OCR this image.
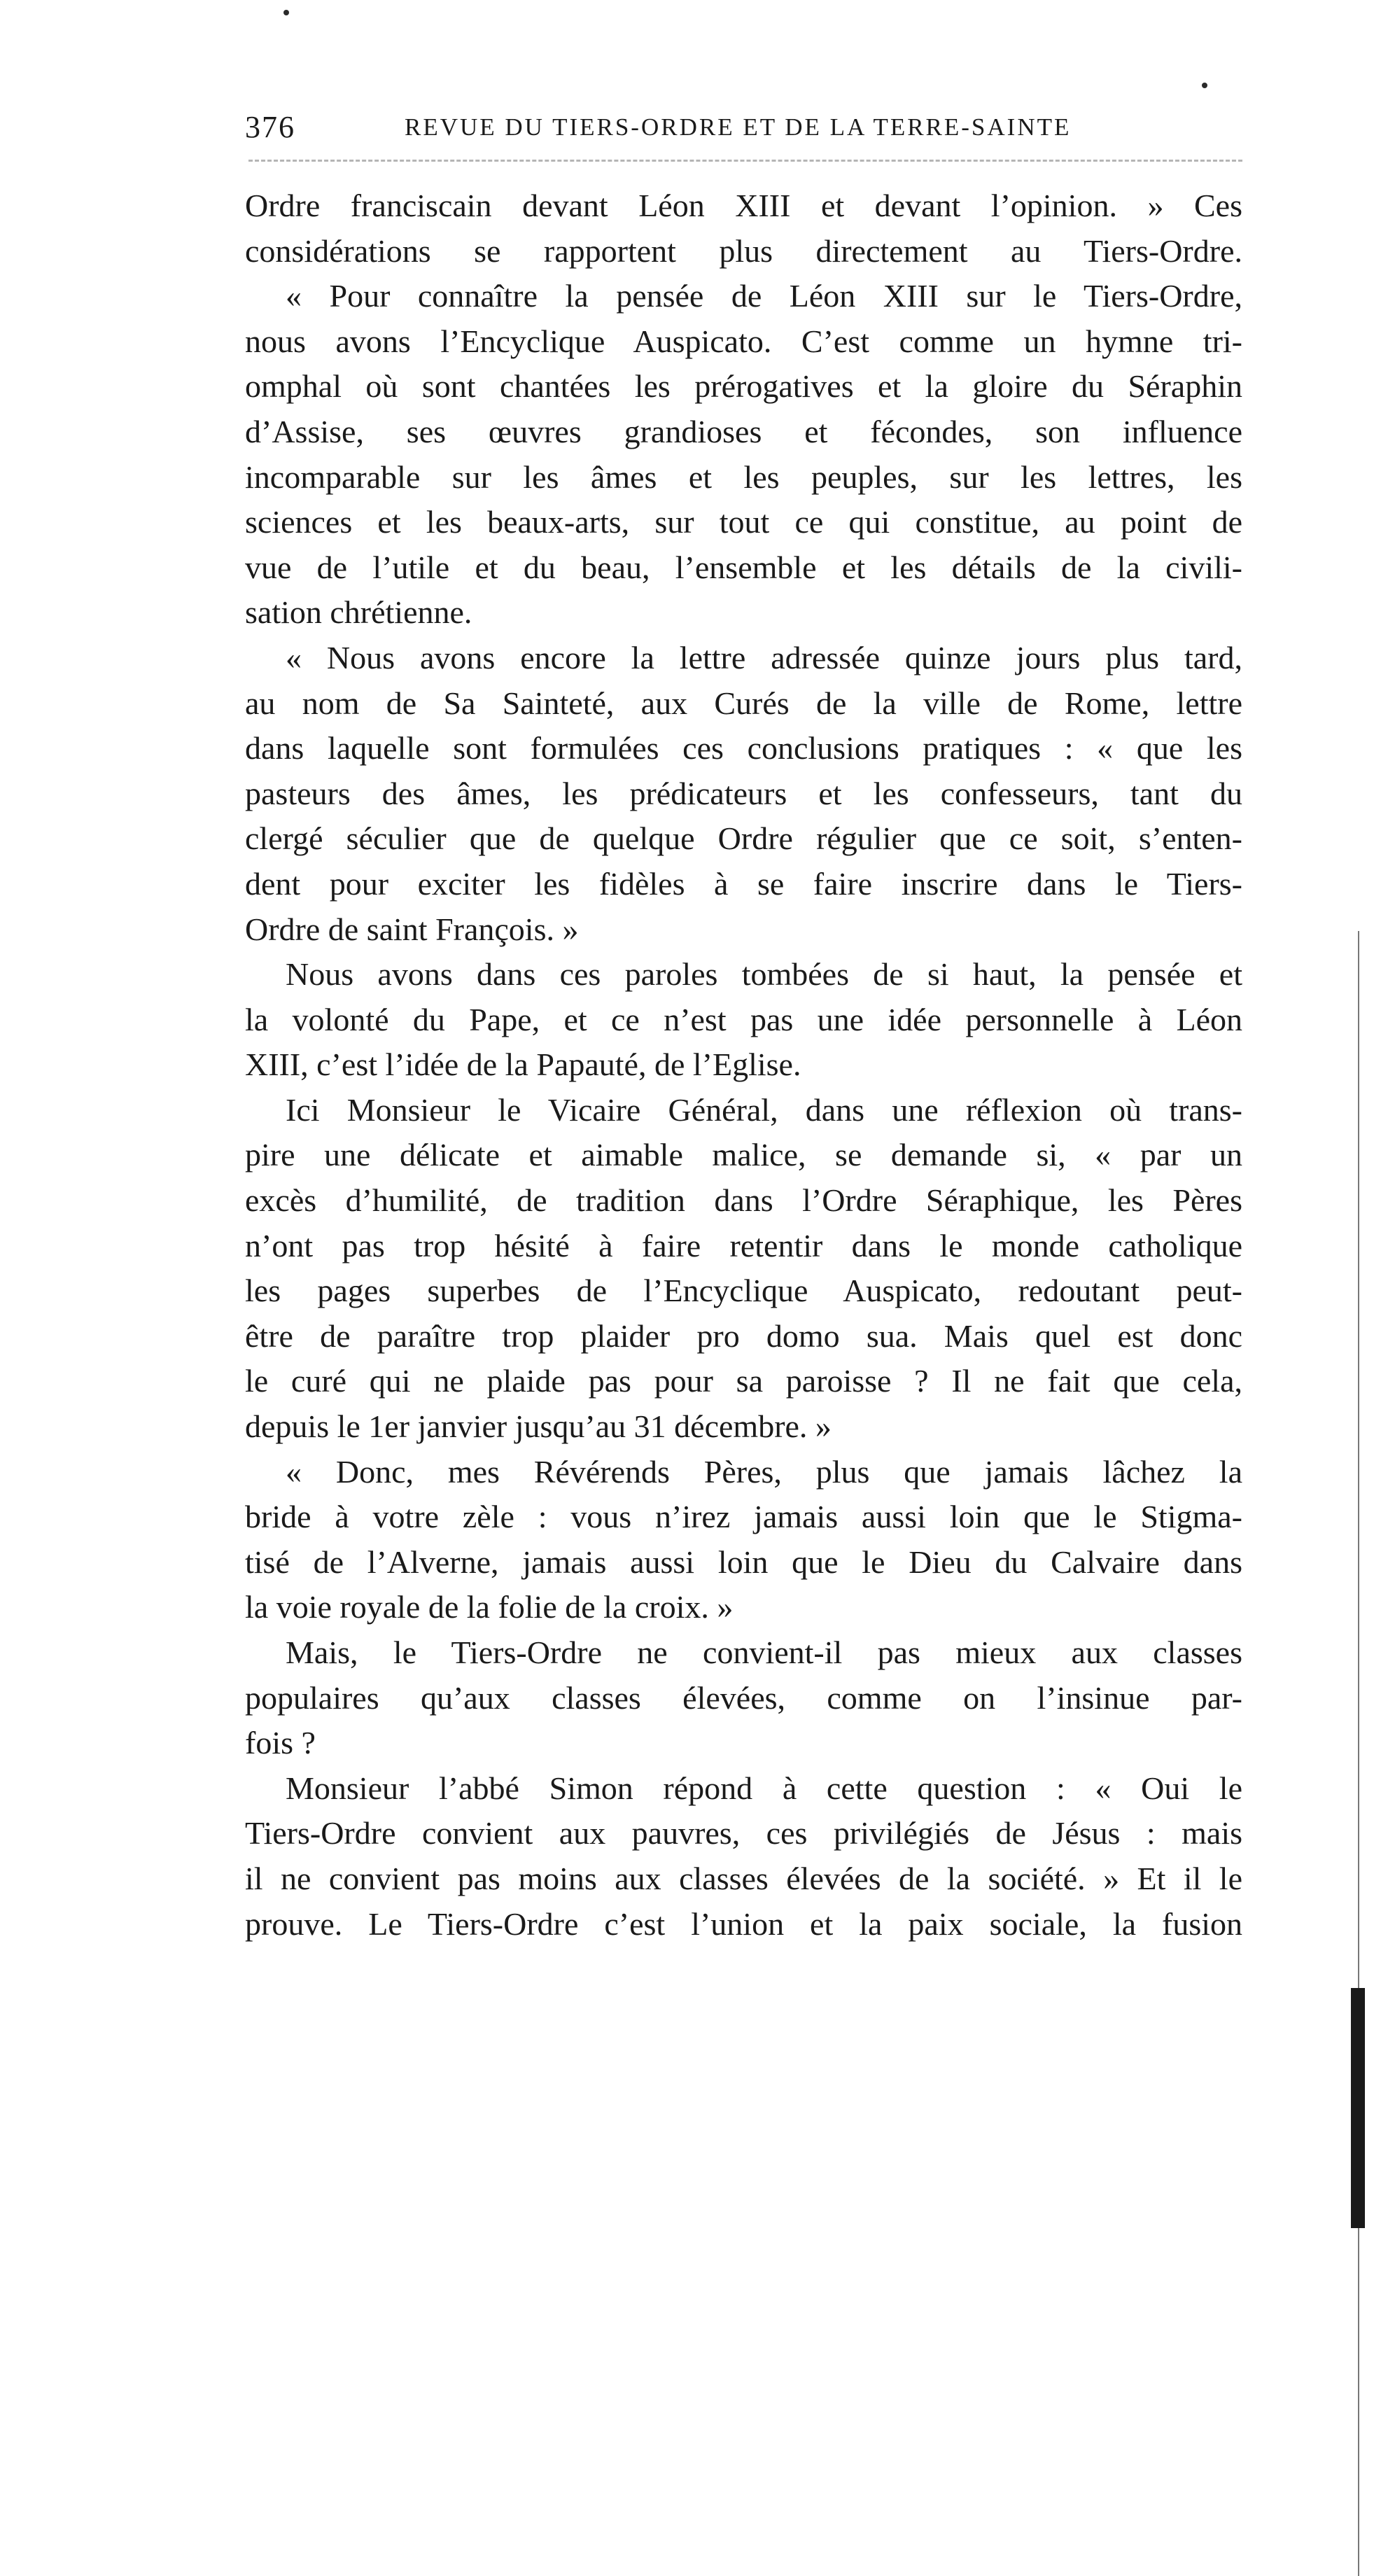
376	REVUE DU TIERS-ORDRE ET DE LA TERRE-SAINTE
Ordre franciscain devant Léon XIII et devant l’opinion. » Ces
considérations se rapportent plus directement au Tiers-Ordre.
« Pour connaître la pensée de Léon XIII sur le Tiers-Ordre,
nous avons l’Encyclique Auspicato. C’est comme un hymne tri-
omphal où sont chantées les prérogatives et la gloire du Séraphin
d’Assise, ses œuvres grandioses et fécondes, son influence
incomparable sur les âmes et les peuples, sur les lettres, les
sciences et les beaux-arts, sur tout ce qui constitue, au point de
vue de l’utile et du beau, l’ensemble et les détails de la civili-
sation chrétienne.
« Nous avons encore la lettre adressée quinze jours plus tard,
au nom de Sa Sainteté, aux Curés de la ville de Rome, lettre
dans laquelle sont formulées ces conclusions pratiques : « que les
pasteurs des âmes, les prédicateurs et les confesseurs, tant du
clergé séculier que de quelque Ordre régulier que ce soit, s’enten-
dent pour exciter les fidèles à se faire inscrire dans le Tiers-
Ordre de saint François. »
Nous avons dans ces paroles tombées de si haut, la pensée et
la volonté du Pape, et ce n’est pas une idée personnelle à Léon
XIII, c’est l’idée de la Papauté, de l’Eglise.
Ici Monsieur le Vicaire Général, dans une réflexion où trans-
pire une délicate et aimable malice, se demande si, « par un
excès d’humilité, de tradition dans l’Ordre Séraphique, les Pères
n’ont pas trop hésité à faire retentir dans le monde catholique
les pages superbes de l’Encyclique Auspicato, redoutant peut-
être de paraître trop plaider pro domo sua. Mais quel est donc
le curé qui ne plaide pas pour sa paroisse ? Il ne fait que cela,
depuis le 1er janvier jusqu’au 31 décembre. »
« Donc, mes Révérends Pères, plus que jamais lâchez la
bride à votre zèle : vous n’irez jamais aussi loin que le Stigma-
tisé de l’Alverne, jamais aussi loin que le Dieu du Calvaire dans
la voie royale de la folie de la croix. »
Mais, le Tiers-Ordre ne convient-il pas mieux aux classes
populaires qu’aux classes élevées, comme on l’insinue par-
fois ?
Monsieur l’abbé Simon répond à cette question : « Oui le
Tiers-Ordre convient aux pauvres, ces privilégiés de Jésus : mais
il ne convient pas moins aux classes élevées de la société. » Et il le
prouve. Le Tiers-Ordre c’est l’union et la paix sociale, la fusion
